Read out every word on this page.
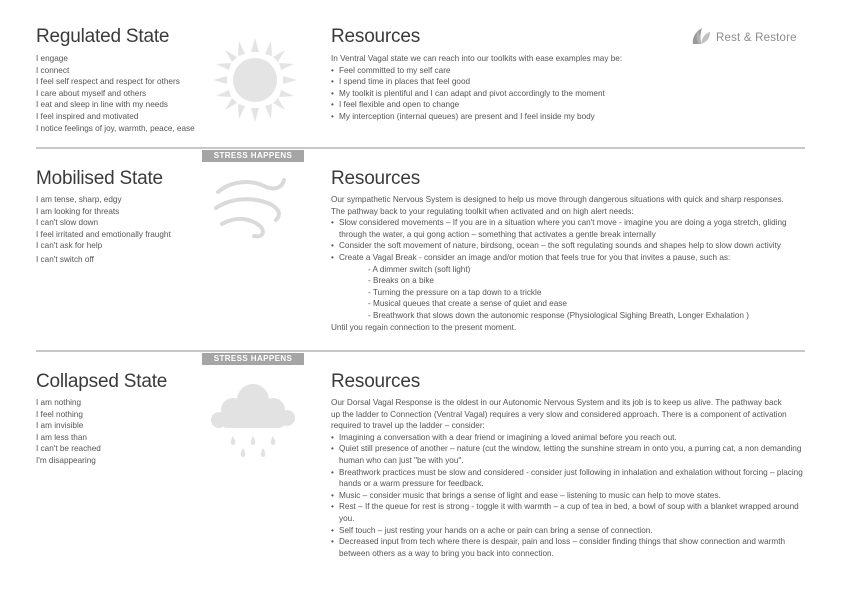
Rest & Restore
Regulated State
I engage
I connect
I feel self respect and respect for others
I care about myself and others
I eat and sleep in line with my needs
I feel inspired and motivated
I notice feelings of joy, warmth, peace, ease
Resources

In Ventral Vagal state we can reach into our toolkits with ease examples may be:

• Feel committed to my self care
• I spend time in places that feel good
• My toolkit is plentiful and I can adapt and pivot accordingly to the moment
• I feel flexible and open to change
• My interception (internal queues) are present and I feel inside my body
STRESS HAPPENS
Mobilised State
I am tense, sharp, edgy
I am looking for threats
I can't slow down
I feel irritated and emotionally fraught
I can't ask for help
I can't switch off
Resources

Our sympathetic Nervous System is designed to help us move through dangerous situations with quick and sharp responses.

The pathway back to your regulating toolkit when activated and on high alert needs:

• Slow considered movements – If you are in a situation where you can't move - imagine you are doing a yoga stretch, gliding through the water, a qui gong action – something that activates a gentle break internally
• Consider the soft movement of nature, birdsong, ocean – the soft regulating sounds and shapes help to slow down activity
• Create a Vagal Break - consider an image and/or motion that feels true for you that invites a pause, such as:
- A dimmer switch (soft light)
- Breaks on a bike
- Turning the pressure on a tap down to a trickle
- Musical queues that create a sense of quiet and ease
- Breathwork that slows down the autonomic response (Physiological Sighing Breath, Longer Exhalation )

Until you regain connection to the present moment.

STRESS HAPPENS
Collapsed State
I am nothing
I feel nothing
I am invisible
I am less than
I can't be reached
I'm disappearing
Resources

Our Dorsal Vagal Response is the oldest in our Autonomic Nervous System and its job is to keep us alive. The pathway back

up the ladder to Connection (Ventral Vagal) requires a very slow and considered approach. There is a component of activation

required to travel up the ladder – consider:

• Imagining a conversation with a dear friend or imagining a loved animal before you reach out.
• Quiet still presence of another – nature (cut the window, letting the sunshine stream in onto you, a purring cat, a non demanding human who can just "be with you".
• Breathwork practices must be slow and considered - consider just following in inhalation and exhalation without forcing – placing hands or a warm pressure for feedback.
• Music – consider music that brings a sense of light and ease – listening to music can help to move states.
• Rest – If the queue for rest is strong - toggle it with warmth – a cup of tea in bed, a bowl of soup with a blanket wrapped around you.
• Self touch – just resting your hands on a ache or pain can bring a sense of connection.
• Decreased input from tech where there is despair, pain and loss – consider finding things that show connection and warmth between others as a way to bring you back into connection.
